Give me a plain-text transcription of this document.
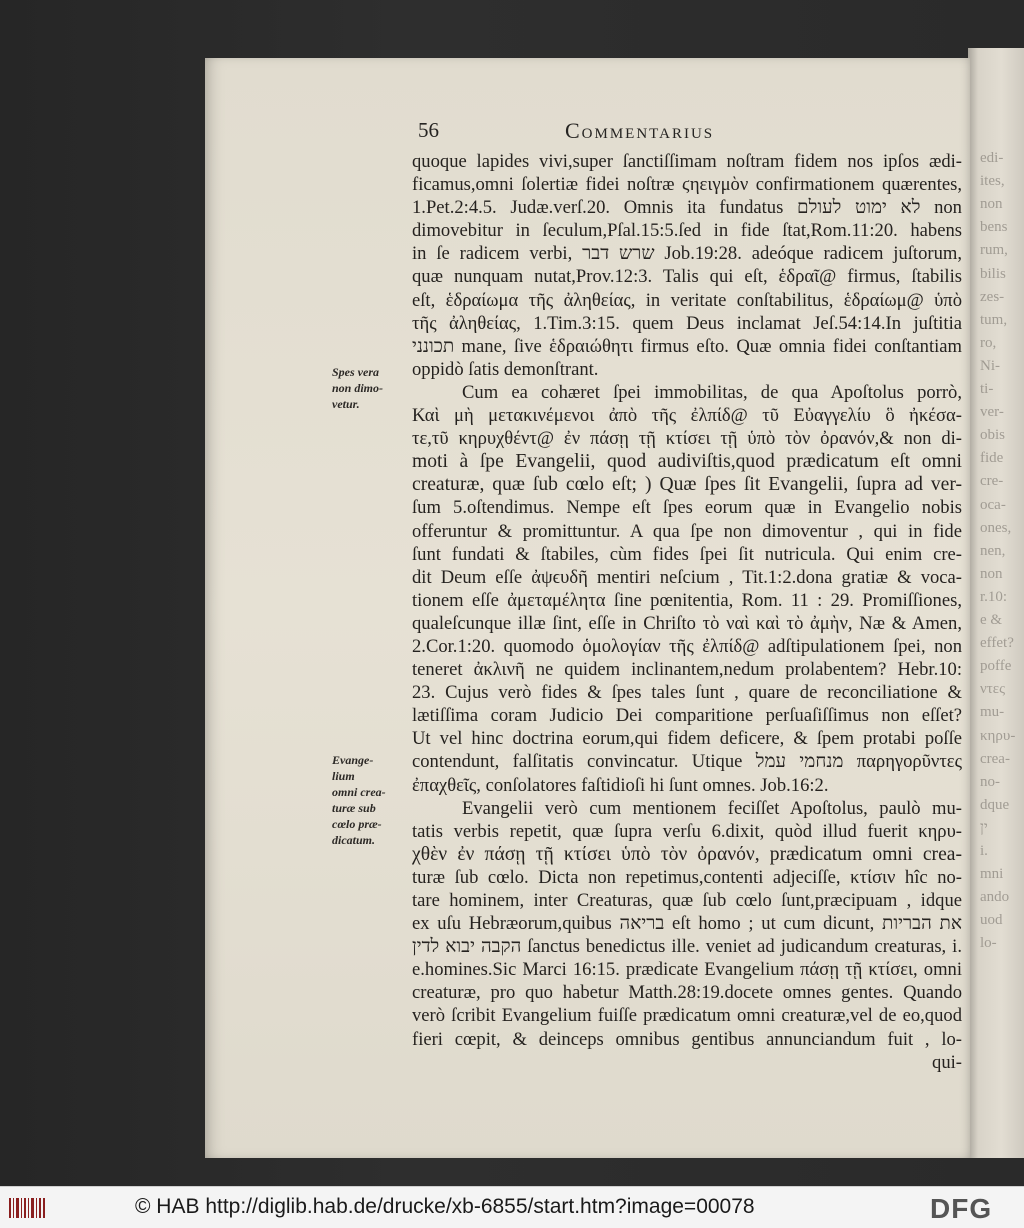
edi-
ites,
non
bens
rum,
bilis
zes-
tum,
ro,
Ni-
ti-
ver-
obis
fide
cre-
oca-
ones,
nen,
non
r.10:
e &
effet?
poffe
ντες
mu-
κηρυ-
crea-
no-
dque
ין
i.
mni
ando
uod
lo-
56	Commentarius
Spes vera
non dimo-
vetur.
Evange-
lium
omni crea-
turæ sub
cœlo præ-
dicatum.
quoque lapides vivi,super ſanctiſſimam noſtram fidem nos ipſos ædi-
ficamus,omni ſolertiæ fidei noſtræ ϛηειγμὸν confirmationem quærentes,
1.Pet.2:4.5. Judæ.verſ.20. Omnis ita fundatus לא ימוט לעולם non
dimovebitur in ſeculum,Pſal.15:5.ſed in fide ſtat,Rom.11:20. habens
in ſe radicem verbi, שרש דבר Job.19:28. adeóque radicem juſtorum,
quæ nunquam nutat,Prov.12:3. Talis qui eſt, ἑδραῖ@ firmus, ſtabilis
eſt, ἑδραίωμα τῆς ἀληθείας, in veritate conſtabilitus, ἑδραίωμ@ ὑπὸ
τῆς ἀληθείας, 1.Tim.3:15. quem Deus inclamat Jeſ.54:14.In juſtitia
תכונני mane, ſive ἑδραιώθητι firmus eſto. Quæ omnia fidei conſtantiam
oppidò ſatis demonſtrant.
Cum ea cohæret ſpei immobilitas, de qua Apoſtolus porrò,
Καὶ μὴ μετακινέμενοι ἀπὸ τῆς ἐλπίδ@ τῦ Εὐαγγελίυ ὃ ἠκέσα-
τε,τῦ κηρυχθέντ@ ἐν πάσῃ τῇ κτίσει τῇ ὑπὸ τὸν ὀρανόν,& non di-
moti à ſpe Evangelii, quod audiviſtis,quod prædicatum eſt omni
creaturæ, quæ ſub cœlo eſt; ) Quæ ſpes ſit Evangelii, ſupra ad ver-
ſum 5.oſtendimus. Nempe eſt ſpes eorum quæ in Evangelio nobis
offeruntur & promittuntur. A qua ſpe non dimoventur , qui in fide
ſunt fundati & ſtabiles, cùm fides ſpei ſit nutricula. Qui enim cre-
dit Deum eſſe ἀψϵυδῆ mentiri neſcium , Tit.1:2.dona gratiæ & voca-
tionem eſſe ἀμεταμέλητα ſine pœnitentia, Rom. 11 : 29. Promiſſiones,
qualeſcunque illæ ſint, eſſe in Chriſto τὸ ναὶ καὶ τὸ ἀμὴν, Næ & Amen,
2.Cor.1:20. quomodo ὁμολογίαν τῆς ἐλπίδ@ adſtipulationem ſpei, non
teneret ἀκλινῆ ne quidem inclinantem,nedum prolabentem? Hebr.10:
23. Cujus verò fides & ſpes tales ſunt , quare de reconciliatione &
lætiſſima coram Judicio Dei comparitione perſuaſiſſimus non eſſet?
Ut vel hinc doctrina eorum,qui fidem deficere, & ſpem protabi poſſe
contendunt, falſitatis convincatur. Utique מנחמי עמל παρηγορῦντες
ἐπαχθεῖς, conſolatores faſtidioſi hi ſunt omnes. Job.16:2.
Evangelii verò cum mentionem feciſſet Apoſtolus, paulò mu-
tatis verbis repetit, quæ ſupra verſu 6.dixit, quòd illud fuerit κηρυ-
χθὲν ἐν πάσῃ τῇ κτίσει ὑπὸ τὸν ὀρανόν, prædicatum omni crea-
turæ ſub cœlo. Dicta non repetimus,contenti adjeciſſe, κτίσιν hîc no-
tare hominem, inter Creaturas, quæ ſub cœlo ſunt,præcipuam , idque
ex uſu Hebræorum,quibus בריאה eſt homo ; ut cum dicunt, את הבריות
הקבה יבוא לדין ſanctus benedictus ille. veniet ad judicandum creaturas, i.
e.homines.Sic Marci 16:15. prædicate Evangelium πάσῃ τῇ κτίσει, omni
creaturæ, pro quo habetur Matth.28:19.docete omnes gentes. Quando
verò ſcribit Evangelium fuiſſe prædicatum omni creaturæ,vel de eo,quod
fieri cœpit, & deinceps omnibus gentibus annunciandum fuit , lo-
qui-
© HAB http://diglib.hab.de/drucke/xb-6855/start.htm?image=00078	DFG
